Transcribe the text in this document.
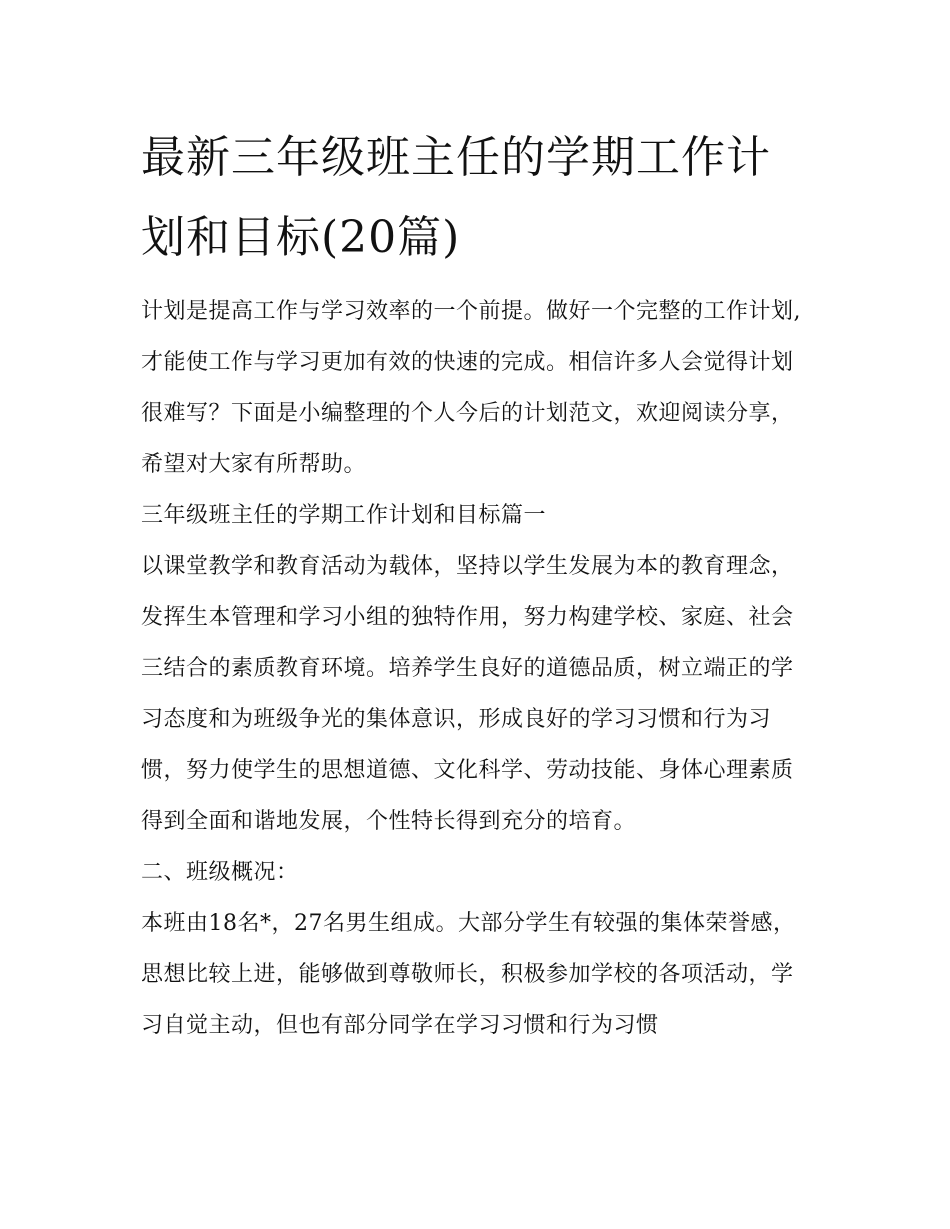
最新三年级班主任的学期工作计划和目标(20篇)

计划是提高工作与学习效率的一个前提。做好一个完整的工作计划,才能使工作与学习更加有效的快速的完成。相信许多人会觉得计划很难写？下面是小编整理的个人今后的计划范文，欢迎阅读分享，希望对大家有所帮助。

三年级班主任的学期工作计划和目标篇一

以课堂教学和教育活动为载体，坚持以学生发展为本的教育理念，发挥生本管理和学习小组的独特作用，努力构建学校、家庭、社会三结合的素质教育环境。培养学生良好的道德品质，树立端正的学习态度和为班级争光的集体意识，形成良好的学习习惯和行为习惯，努力使学生的思想道德、文化科学、劳动技能、身体心理素质得到全面和谐地发展，个性特长得到充分的培育。

二、班级概况：

本班由18名*，27名男生组成。大部分学生有较强的集体荣誉感，思想比较上进，能够做到尊敬师长，积极参加学校的各项活动，学习自觉主动，但也有部分同学在学习习惯和行为习惯
